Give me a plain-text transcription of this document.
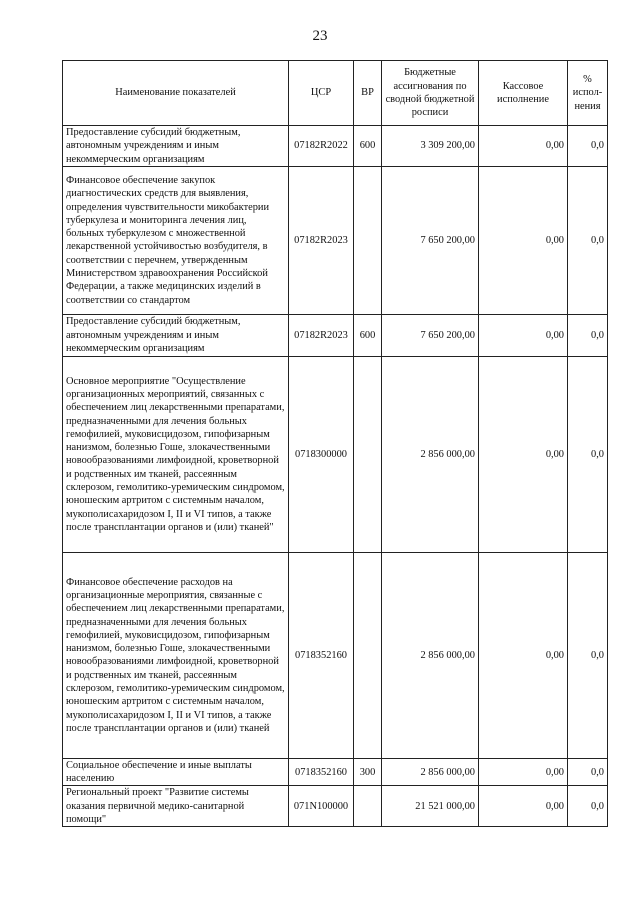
23
Наименование показателей	ЦСР	ВР	Бюджетные ассигнования по сводной бюджетной росписи	Кассовое исполнение	% испол-нения
Предоставление субсидий бюджетным, автономным учреждениям и иным некоммерческим организациям	07182R2022	600	3 309 200,00	0,00	0,0
Финансовое обеспечение закупок диагностических средств для выявления, определения чувствительности микобактерии туберкулеза и мониторинга лечения лиц, больных туберкулезом с множественной лекарственной устойчивостью возбудителя, в соответствии с перечнем, утвержденным Министерством здравоохранения Российской Федерации, а также медицинских изделий в соответствии со стандартом	07182R2023		7 650 200,00	0,00	0,0
Предоставление субсидий бюджетным, автономным учреждениям и иным некоммерческим организациям	07182R2023	600	7 650 200,00	0,00	0,0
Основное мероприятие "Осуществление организационных мероприятий, связанных с обеспечением лиц лекарственными препаратами, предназначенными для лечения больных гемофилией, муковисцидозом, гипофизарным нанизмом, болезнью Гоше, злокачественными новообразованиями лимфоидной, кроветворной и родственных им тканей, рассеянным склерозом, гемолитико-уремическим синдромом, юношеским артритом с системным началом, мукополисахаридозом I, II и VI типов, а также после трансплантации органов и (или) тканей"	0718300000		2 856 000,00	0,00	0,0
Финансовое обеспечение расходов на организационные мероприятия, связанные с обеспечением лиц лекарственными препаратами, предназначенными для лечения больных гемофилией, муковисцидозом, гипофизарным нанизмом, болезнью Гоше, злокачественными новообразованиями лимфоидной, кроветворной и родственных им тканей, рассеянным склерозом, гемолитико-уремическим синдромом, юношеским артритом с системным началом, мукополисахаридозом I, II и VI типов, а также после трансплантации органов и (или) тканей	0718352160		2 856 000,00	0,00	0,0
Социальное обеспечение и иные выплаты населению	0718352160	300	2 856 000,00	0,00	0,0
Региональный проект "Развитие системы оказания первичной медико-санитарной помощи"	071N100000		21 521 000,00	0,00	0,0
